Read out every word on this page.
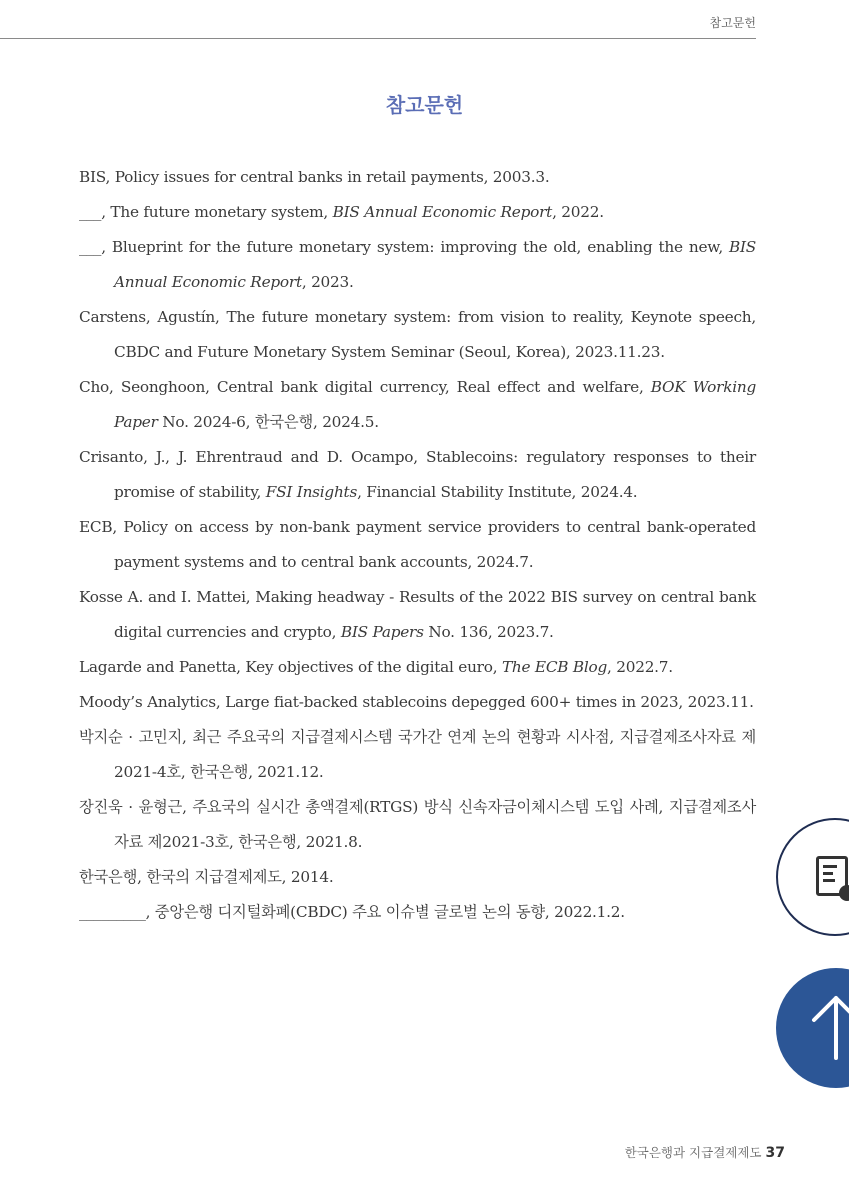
참고문헌
참고문헌
BIS, Policy issues for central banks in retail payments, 2003.3.
___, The future monetary system, BIS Annual Economic Report, 2022.
___, Blueprint for the future monetary system: improving the old, enabling the new, BIS Annual Economic Report, 2023.
Carstens, Agustín, The future monetary system: from vision to reality, Keynote speech, CBDC and Future Monetary System Seminar (Seoul, Korea), 2023.11.23.
Cho, Seonghoon, Central bank digital currency, Real effect and welfare, BOK Working Paper No. 2024-6, 한국은행, 2024.5.
Crisanto, J., J. Ehrentraud and D. Ocampo, Stablecoins: regulatory responses to their promise of stability, FSI Insights, Financial Stability Institute, 2024.4.
ECB, Policy on access by non-bank payment service providers to central bank-operated payment systems and to central bank accounts, 2024.7.
Kosse A. and I. Mattei, Making headway - Results of the 2022 BIS survey on central bank digital currencies and crypto, BIS Papers No. 136, 2023.7.
Lagarde and Panetta, Key objectives of the digital euro, The ECB Blog, 2022.7.
Moody’s Analytics, Large fiat-backed stablecoins depegged 600+ times in 2023, 2023.11.
박지순 · 고민지, 최근 주요국의 지급결제시스템 국가간 연계 논의 현황과 시사점, 지급결제조사자료 제2021-4호, 한국은행, 2021.12.
장진욱 · 윤형근, 주요국의 실시간 총액결제(RTGS) 방식 신속자금이체시스템 도입 사례, 지급결제조사자료 제2021-3호, 한국은행, 2021.8.
한국은행, 한국의 지급결제제도, 2014.
_________, 중앙은행 디지털화폐(CBDC) 주요 이슈별 글로벌 논의 동향, 2022.1.2.
한국은행과 지급결제제도 37
